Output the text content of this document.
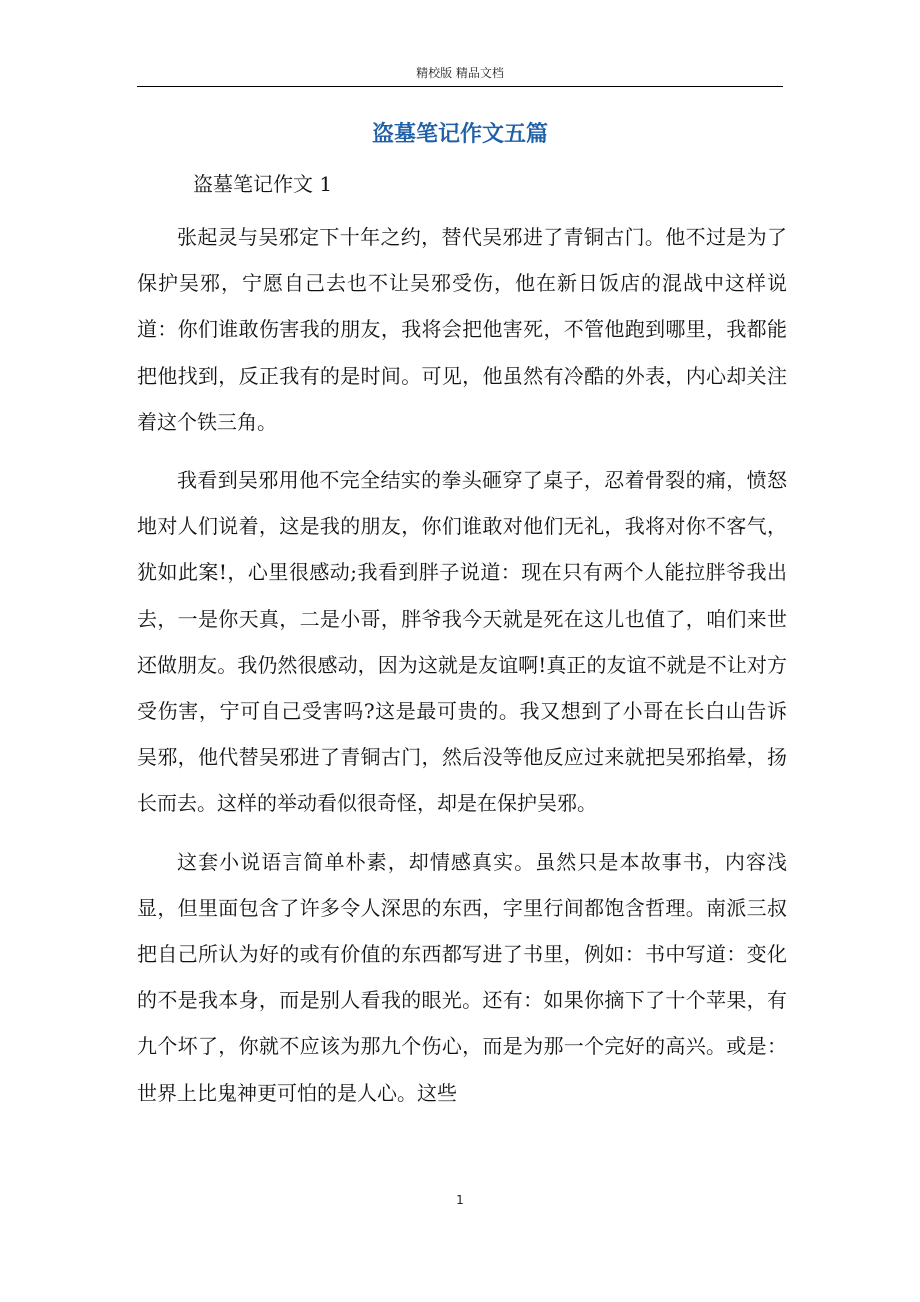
精校版 精品文档
盗墓笔记作文五篇
盗墓笔记作文 1

张起灵与吴邪定下十年之约，替代吴邪进了青铜古门。他不过是为了保护吴邪，宁愿自己去也不让吴邪受伤，他在新日饭店的混战中这样说道：你们谁敢伤害我的朋友，我将会把他害死，不管他跑到哪里，我都能把他找到，反正我有的是时间。可见，他虽然有冷酷的外表，内心却关注着这个铁三角。

我看到吴邪用他不完全结实的拳头砸穿了桌子，忍着骨裂的痛，愤怒地对人们说着，这是我的朋友，你们谁敢对他们无礼，我将对你不客气，犹如此案!，心里很感动;我看到胖子说道：现在只有两个人能拉胖爷我出去，一是你天真，二是小哥，胖爷我今天就是死在这儿也值了，咱们来世还做朋友。我仍然很感动，因为这就是友谊啊!真正的友谊不就是不让对方受伤害，宁可自己受害吗?这是最可贵的。我又想到了小哥在长白山告诉吴邪，他代替吴邪进了青铜古门，然后没等他反应过来就把吴邪掐晕，扬长而去。这样的举动看似很奇怪，却是在保护吴邪。

这套小说语言简单朴素，却情感真实。虽然只是本故事书，内容浅显，但里面包含了许多令人深思的东西，字里行间都饱含哲理。南派三叔把自己所认为好的或有价值的东西都写进了书里，例如：书中写道：变化的不是我本身，而是别人看我的眼光。还有：如果你摘下了十个苹果，有九个坏了，你就不应该为那九个伤心，而是为那一个完好的高兴。或是：世界上比鬼神更可怕的是人心。这些

1
